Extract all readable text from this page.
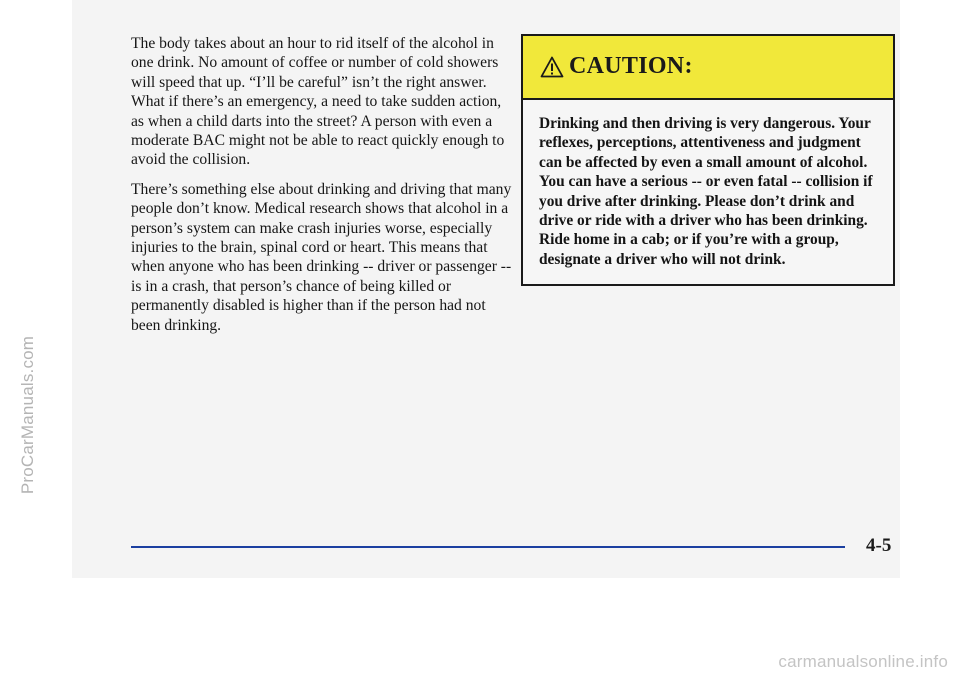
ProCarManuals.com

The body takes about an hour to rid itself of the alcohol in one drink. No amount of coffee or number of cold showers will speed that up. “I’ll be careful” isn’t the right answer. What if there’s an emergency, a need to take sudden action, as when a child darts into the street? A person with even a moderate BAC might not be able to react quickly enough to avoid the collision.

There’s something else about drinking and driving that many people don’t know. Medical research shows that alcohol in a person’s system can make crash injuries worse, especially injuries to the brain, spinal cord or heart. This means that when anyone who has been drinking -- driver or passenger -- is in a crash, that person’s chance of being killed or permanently disabled is higher than if the person had not been drinking.

CAUTION:
Drinking and then driving is very dangerous. Your reflexes, perceptions, attentiveness and judgment can be affected by even a small amount of alcohol. You can have a serious -- or even fatal -- collision if you drive after drinking. Please don’t drink and drive or ride with a driver who has been drinking. Ride home in a cab; or if you’re with a group, designate a driver who will not drink.
4-5
carmanualsonline.info
